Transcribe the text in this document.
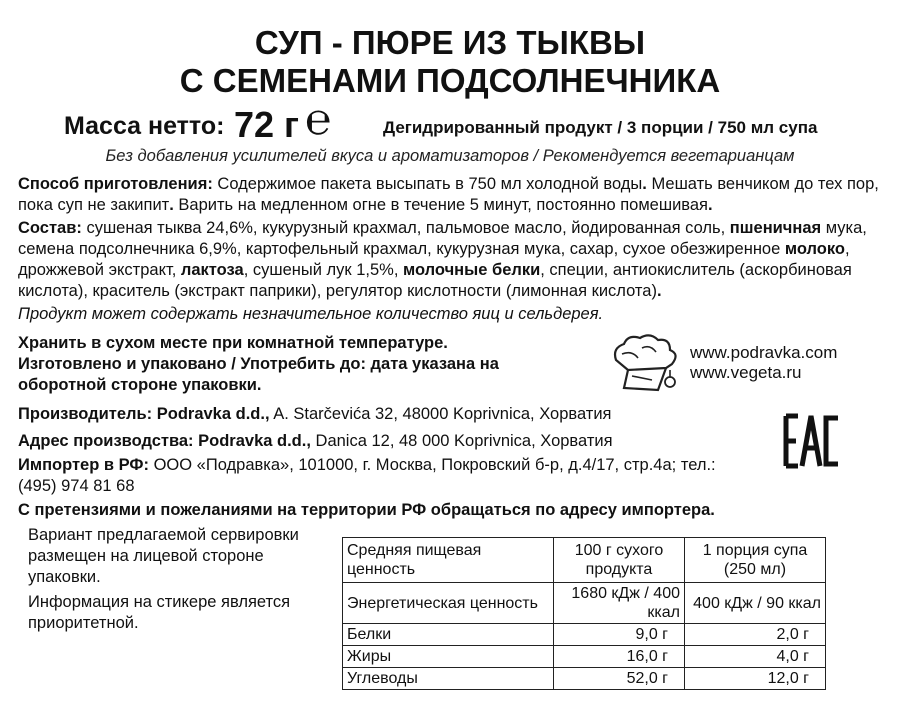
СУП - ПЮРЕ ИЗ ТЫКВЫ
С СЕМЕНАМИ ПОДСОЛНЕЧНИКА
Масса нетто: 72 г ℮	Дегидрированный продукт / 3 порции / 750 мл супа
Без добавления усилителей вкуса и ароматизаторов / Рекомендуется вегетарианцам
Способ приготовления: Содержимое пакета высыпать в 750 мл холодной воды. Мешать венчиком до тех пор, пока суп не закипит. Варить на медленном огне в течение 5 минут, постоянно помешивая.
Состав: сушеная тыква 24,6%, кукурузный крахмал, пальмовое масло, йодированная соль, пшеничная мука, семена подсолнечника 6,9%, картофельный крахмал, кукурузная мука, сахар, сухое обезжиренное молоко, дрожжевой экстракт, лактоза, сушеный лук 1,5%, молочные белки, специи, антиокислитель (аскорбиновая кислота), краситель (экстракт паприки), регулятор кислотности (лимонная кислота).
Продукт может содержать незначительное количество яиц и сельдерея.
Хранить в сухом месте при комнатной температуре.
Изготовлено и упаковано / Употребить до: дата указана на оборотной стороне упаковки.
www.podravka.com
www.vegeta.ru
Производитель: Podravka d.d., A. Starčevića 32, 48000 Koprivnica, Хорватия
Адрес производства: Podravka d.d., Danica 12, 48 000 Koprivnica, Хорватия
Импортер в РФ: ООО «Подравка», 101000, г. Москва, Покровский б-р, д.4/17, стр.4а; тел.: (495) 974 81 68
С претензиями и пожеланиями на территории РФ обращаться по адресу импортера.
Вариант предлагаемой сервировки размещен на лицевой стороне упаковки.
Информация на стикере является приоритетной.
Средняя пищевая ценность	100 г сухого продукта	1 порция супа (250 мл)
Энергетическая ценность	1680 кДж / 400 ккал	400 кДж / 90 ккал
Белки	9,0 г	2,0 г
Жиры	16,0 г	4,0 г
Углеводы	52,0 г	12,0 г
